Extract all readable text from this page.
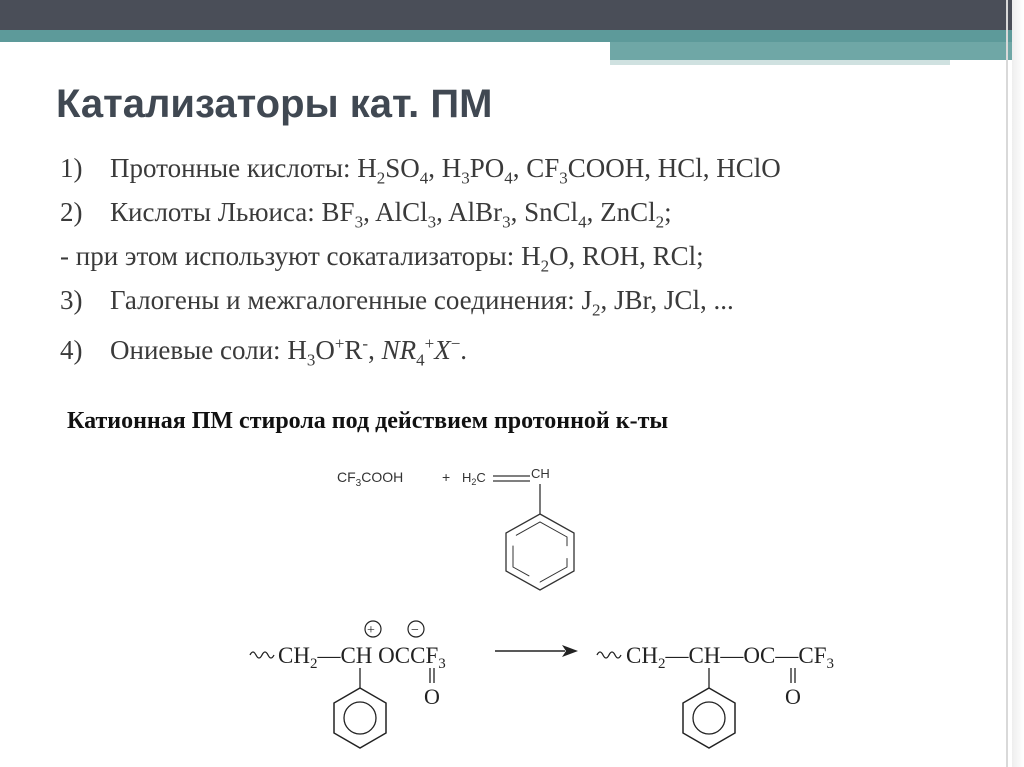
Катализаторы кат. ПМ
1) Протонные кислоты: $H_2SO_4$, $H_3PO_4$, $CF_3COOH$, HCl, HClO
2) Кислоты Льюиса: $BF_3$, AlCl$_3$, AlBr$_3$, SnCl$_4$, ZnCl$_2$;
- при этом используют сокатализаторы: $H_2O$, ROH, RCl;
3) Галогены и межгалогенные соединения: $J_2$, JBr, JCl, ...
4) Ониевые соли: $H_3O^+R^-$, $NR_4^+X^-$.

Катионная ПМ стирола под действием протонной к-ты

$CF_3COOH$	+ $H_2C$	CH
$CH_2—CH$ $OCCF_3$
+	−
O
$CH_2—CH—OC—CF_3$
O
